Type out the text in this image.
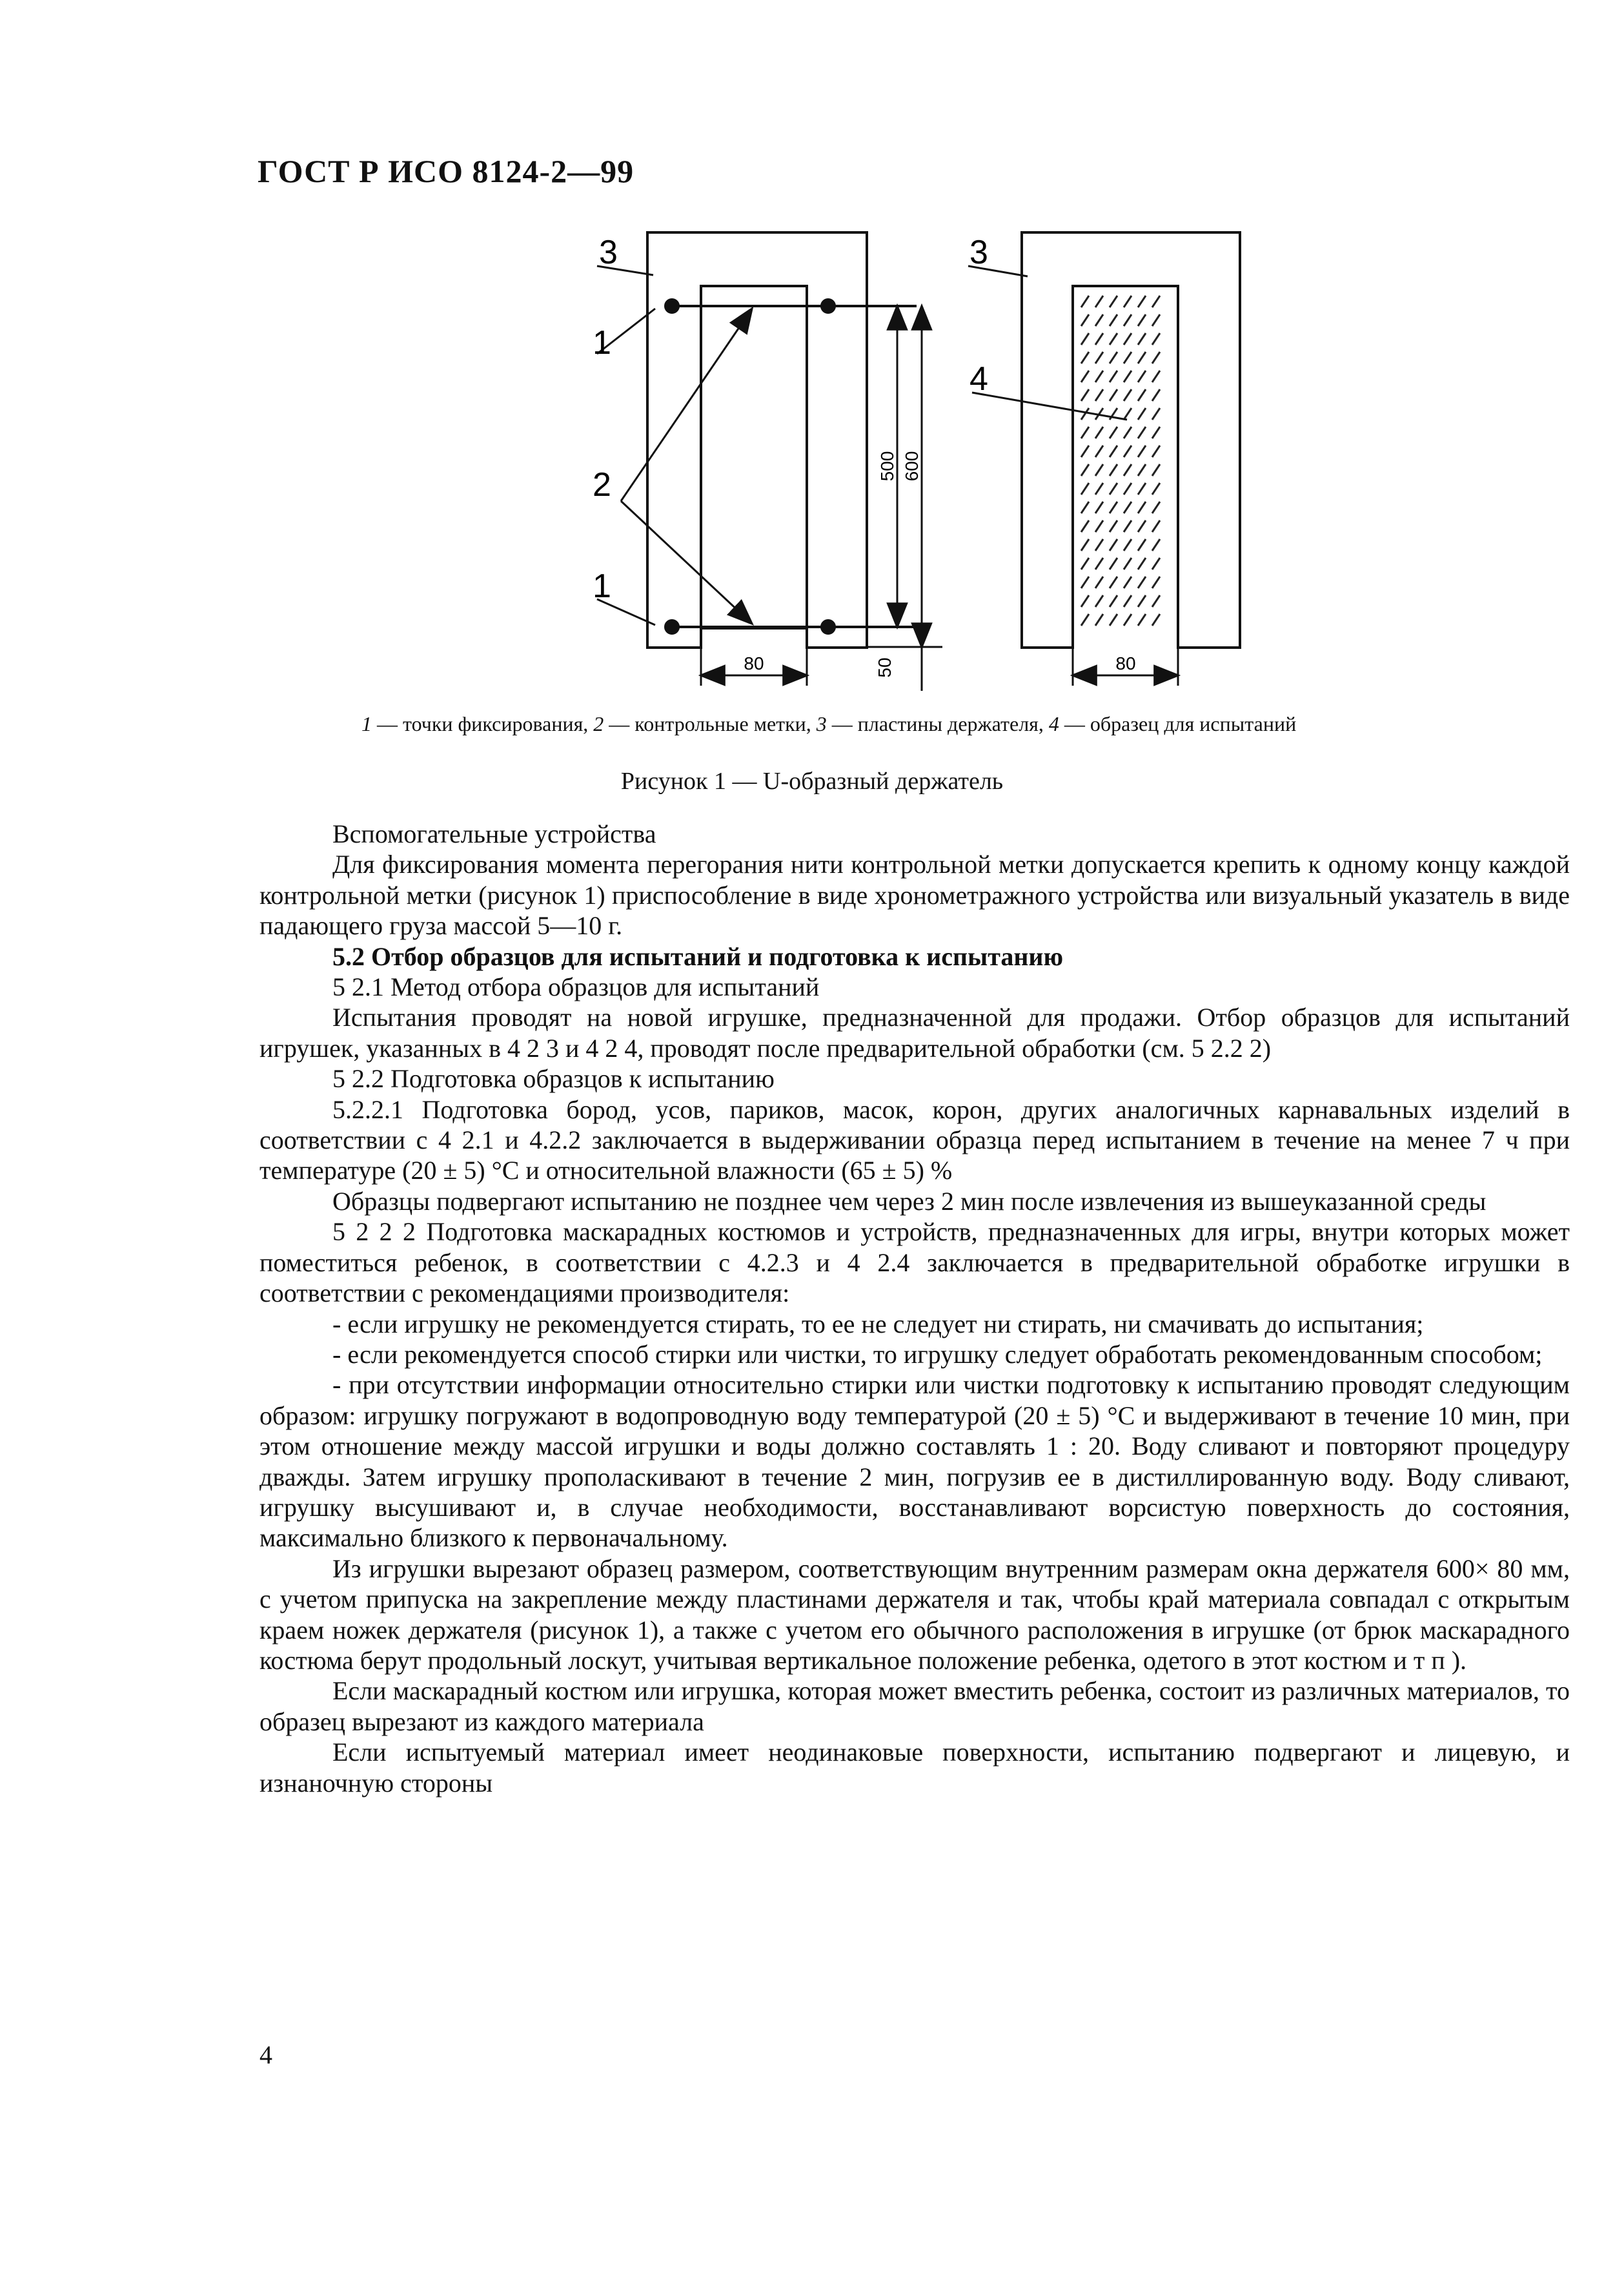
ГОСТ Р ИСО 8124-2—99
3
1
2
1
500 600
50
80
3
4
80
1 — точки фиксирования, 2 — контрольные метки, 3 — пластины держателя, 4 — образец для испытаний
Рисунок 1 — U-образный держатель

Вспомогательные устройства

Для фиксирования момента перегорания нити контрольной метки допускается крепить к одному концу каждой контрольной метки (рисунок 1) приспособление в виде хронометражного устройства или визуальный указатель в виде падающего груза массой 5—10 г.

5.2 Отбор образцов для испытаний и подготовка к испытанию

5 2.1 Метод отбора образцов для испытаний

Испытания проводят на новой игрушке, предназначенной для продажи. Отбор образцов для испытаний игрушек, указанных в 4 2 3 и 4 2 4, проводят после предварительной обработки (см. 5 2.2 2)

5 2.2 Подготовка образцов к испытанию

5.2.2.1 Подготовка бород, усов, париков, масок, корон, других аналогичных карнавальных изделий в соответствии с 4 2.1 и 4.2.2 заключается в выдерживании образца перед испытанием в течение на менее 7 ч при температуре (20 ± 5) °С и относительной влажности (65 ± 5) %

Образцы подвергают испытанию не позднее чем через 2 мин после извлечения из вышеуказанной среды

5 2 2 2 Подготовка маскарадных костюмов и устройств, предназначенных для игры, внутри которых может поместиться ребенок, в соответствии с 4.2.3 и 4 2.4 заключается в предварительной обработке игрушки в соответствии с рекомендациями производителя:

- если игрушку не рекомендуется стирать, то ее не следует ни стирать, ни смачивать до испытания;

- если рекомендуется способ стирки или чистки, то игрушку следует обработать рекомендованным способом;

- при отсутствии информации относительно стирки или чистки подготовку к испытанию проводят следующим образом: игрушку погружают в водопроводную воду температурой (20 ± 5) °С и выдерживают в течение 10 мин, при этом отношение между массой игрушки и воды должно составлять 1 : 20. Воду сливают и повторяют процедуру дважды. Затем игрушку прополаскивают в течение 2 мин, погрузив ее в дистиллированную воду. Воду сливают, игрушку высушивают и, в случае необходимости, восстанавливают ворсистую поверхность до состояния, максимально близкого к первоначальному.

Из игрушки вырезают образец размером, соответствующим внутренним размерам окна держателя 600× 80 мм, с учетом припуска на закрепление между пластинами держателя и так, чтобы край материала совпадал с открытым краем ножек держателя (рисунок 1), а также с учетом его обычного расположения в игрушке (от брюк маскарадного костюма берут продольный лоскут, учитывая вертикальное положение ребенка, одетого в этот костюм и т п ).

Если маскарадный костюм или игрушка, которая может вместить ребенка, состоит из различных материалов, то образец вырезают из каждого материала

Если испытуемый материал имеет неодинаковые поверхности, испытанию подвергают и лицевую, и изнаночную стороны

4
